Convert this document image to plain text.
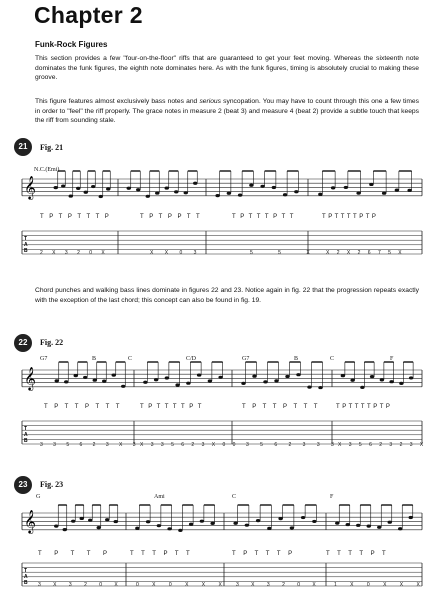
Chapter 2
Funk-Rock Figures
This section provides a few "four-on-the-floor" riffs that are guaranteed to get your feet moving. Whereas the sixteenth note dominates the funk figures, the eighth note dominates here. As with the funk figures, timing is absolutely crucial to making these groove.
This figure features almost exclusively bass notes and serious syncopation. You may have to count through this one a few times in order to "feel" the riff properly. The grace notes in measure 2 (beat 3) and measure 4 (beat 2) provide a subtle touch that keeps the riff from sounding stale.
Chord punches and walking bass lines dominate in figures 22 and 23. Notice again in fig. 22 that the progression repeats exactly with the exception of the last chord; this concept can also be found in fig. 19.
21	Fig. 21
N.C.(Emi)
22	Fig. 22
G7	B	C	C/D	G7	B	C	F
23	Fig. 23
G	Ami	C	F
T P T P T T T P	T P T P P T T	T P T T T P T T	T P T T T T P T P
T P T T P T T T	T P T T T T P T	T P T T P T T T	T P T T T T P T P
T P T T P	T T T P T T	T P T T T P	T T T T P T
2 X 3 2 0 X	X X 0 3	5 5 X	X 2 X 2 6 7 5 X
3 3 5 6 2 3 X 3 X 3 3 5 6 2 3 X 0 0 3 5 6 2 3 3 3 X 3 5 6 2 3 2 3 X
3 X 3 2 0 X	0 X 0 X X X	3 X 3 2 0 X	1 X 0 X X X
𝄞
T
A
B
𝄞
T
A
B
𝄞
T
A
B
